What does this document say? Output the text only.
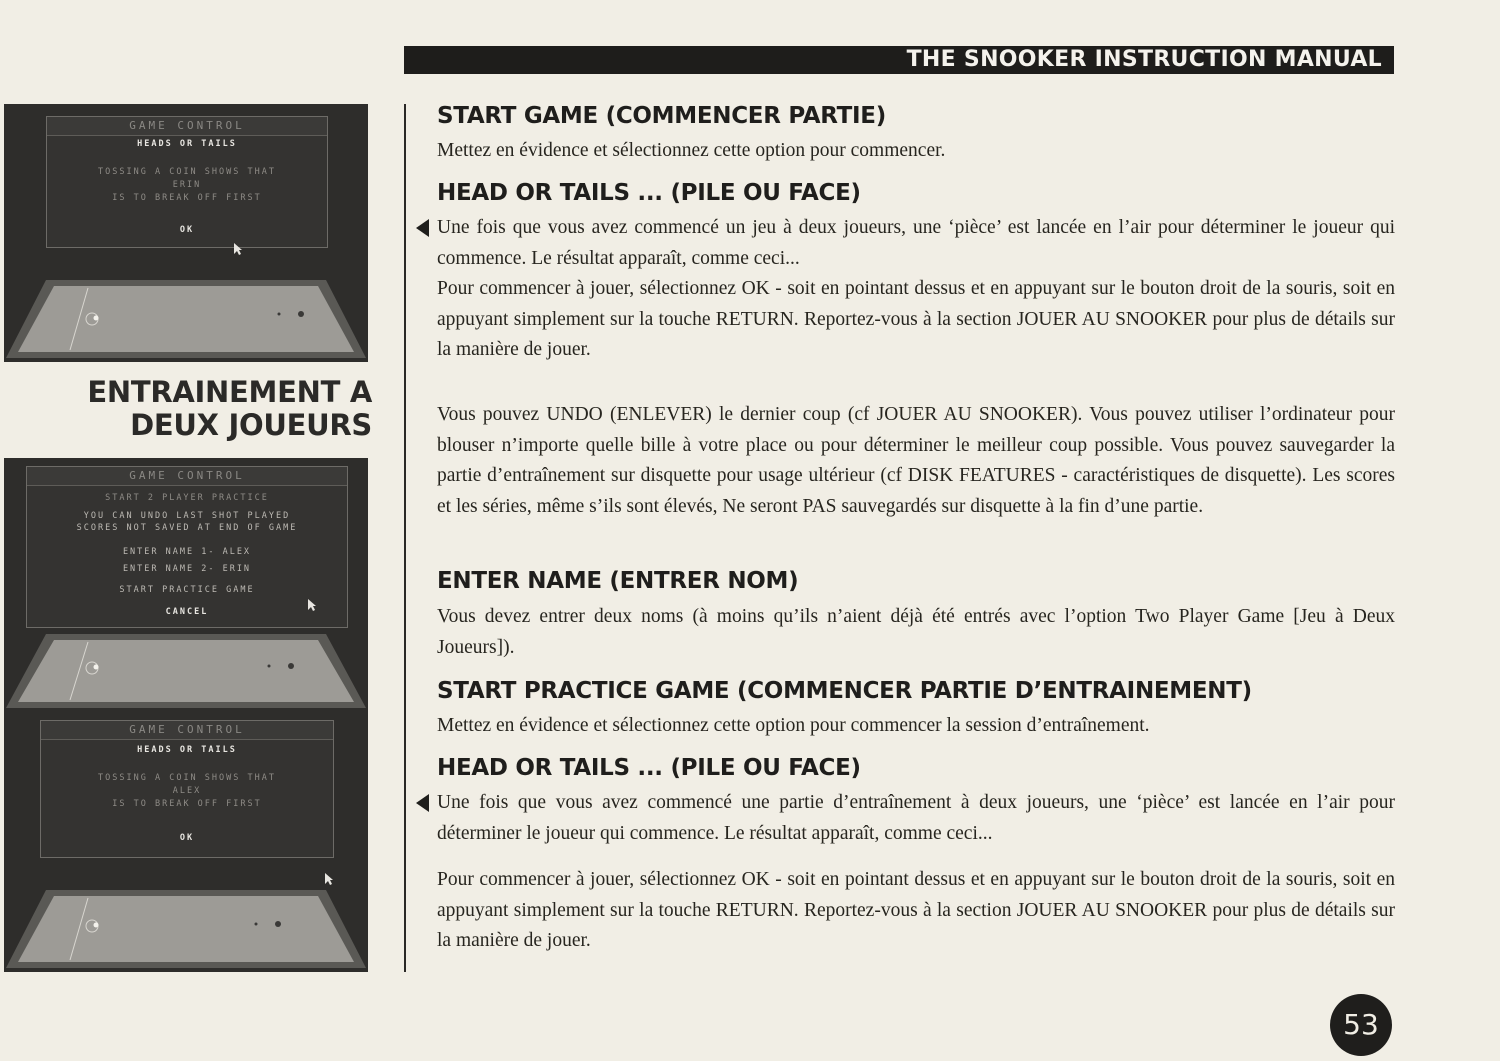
THE SNOOKER INSTRUCTION MANUAL
GAME CONTROL
HEADS OR TAILS
TOSSING A COIN SHOWS THAT
ERIN
IS TO BREAK OFF FIRST
OK
ENTRAINEMENT A
DEUX JOUEURS
GAME CONTROL
START 2 PLAYER PRACTICE
YOU CAN UNDO LAST SHOT PLAYED
SCORES NOT SAVED AT END OF GAME
ENTER NAME 1- ALEX
ENTER NAME 2- ERIN
START PRACTICE GAME
CANCEL
GAME CONTROL
HEADS OR TAILS
TOSSING A COIN SHOWS THAT
ALEX
IS TO BREAK OFF FIRST
OK
START GAME (COMMENCER PARTIE)
Mettez en évidence et sélectionnez cette option pour commencer.
HEAD OR TAILS ... (PILE OU FACE)
Une fois que vous avez commencé un jeu à deux joueurs, une ‘pièce’ est lancée en l’air pour déterminer le joueur qui commence. Le résultat apparaît, comme ceci...
Pour commencer à jouer, sélectionnez OK - soit en pointant dessus et en appuyant sur le bouton droit de la souris, soit en appuyant simplement sur la touche RETURN. Reportez-vous à la section JOUER AU SNOOKER pour plus de détails sur la manière de jouer.
Vous pouvez UNDO (ENLEVER) le dernier coup (cf JOUER AU SNOOKER). Vous pouvez utiliser l’ordinateur pour blouser n’importe quelle bille à votre place ou pour déterminer le meilleur coup possible. Vous pouvez sauvegarder la partie d’entraînement sur disquette pour usage ultérieur (cf DISK FEATURES - caractéristiques de disquette). Les scores et les séries, même s’ils sont élevés, Ne seront PAS sauvegardés sur disquette à la fin d’une partie.
ENTER NAME (ENTRER NOM)
Vous devez entrer deux noms (à moins qu’ils n’aient déjà été entrés avec l’option Two Player Game [Jeu à Deux Joueurs]).
START PRACTICE GAME (COMMENCER PARTIE D’ENTRAINEMENT)
Mettez en évidence et sélectionnez cette option pour commencer la session d’entraînement.
HEAD OR TAILS ... (PILE OU FACE)
Une fois que vous avez commencé une partie d’entraînement à deux joueurs, une ‘pièce’ est lancée en l’air pour déterminer le joueur qui commence. Le résultat apparaît, comme ceci...
Pour commencer à jouer, sélectionnez OK - soit en pointant dessus et en appuyant sur le bouton droit de la souris, soit en appuyant simplement sur la touche RETURN. Reportez-vous à la section JOUER AU SNOOKER pour plus de détails sur la manière de jouer.
53
